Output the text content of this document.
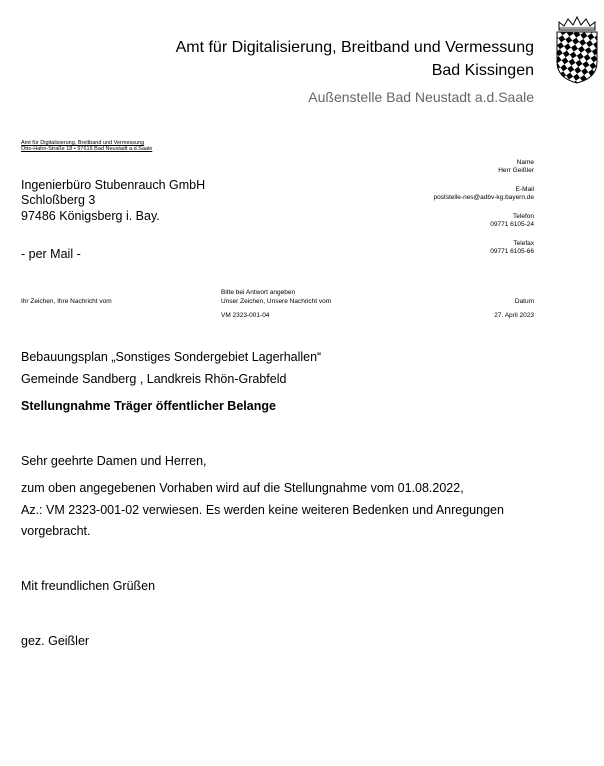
Amt für Digitalisierung, Breitband und Vermessung
Bad Kissingen
Außenstelle Bad Neustadt a.d.Saale
Amt für Digitalisierung, Breitband und Vermessung
Otto-Hahn-Straße 18 • 97616 Bad Neustadt a.d.Saale
Ingenierbüro Stubenrauch GmbH
Schloßberg 3
97486 Königsberg i. Bay.
- per Mail -
Name
Herr Geißler
E-Mail
poststelle-nes@adbv-kg.bayern.de
Telefon
09771 6105-24
Telefax
09771 6105-66
Ihr Zeichen, Ihre Nachricht vom
Bitte bei Antwort angeben
Unser Zeichen, Unsere Nachricht vom
VM 2323-001-04
Datum
27. April 2023
Bebauungsplan „Sonstiges Sondergebiet Lagerhallen“
Gemeinde Sandberg , Landkreis Rhön-Grabfeld
Stellungnahme Träger öffentlicher Belange
Sehr geehrte Damen und Herren,
zum oben angegebenen Vorhaben wird auf die Stellungnahme vom 01.08.2022,
Az.: VM 2323-001-02 verwiesen. Es werden keine weiteren Bedenken und Anregungen
vorgebracht.
Mit freundlichen Grüßen
gez. Geißler
